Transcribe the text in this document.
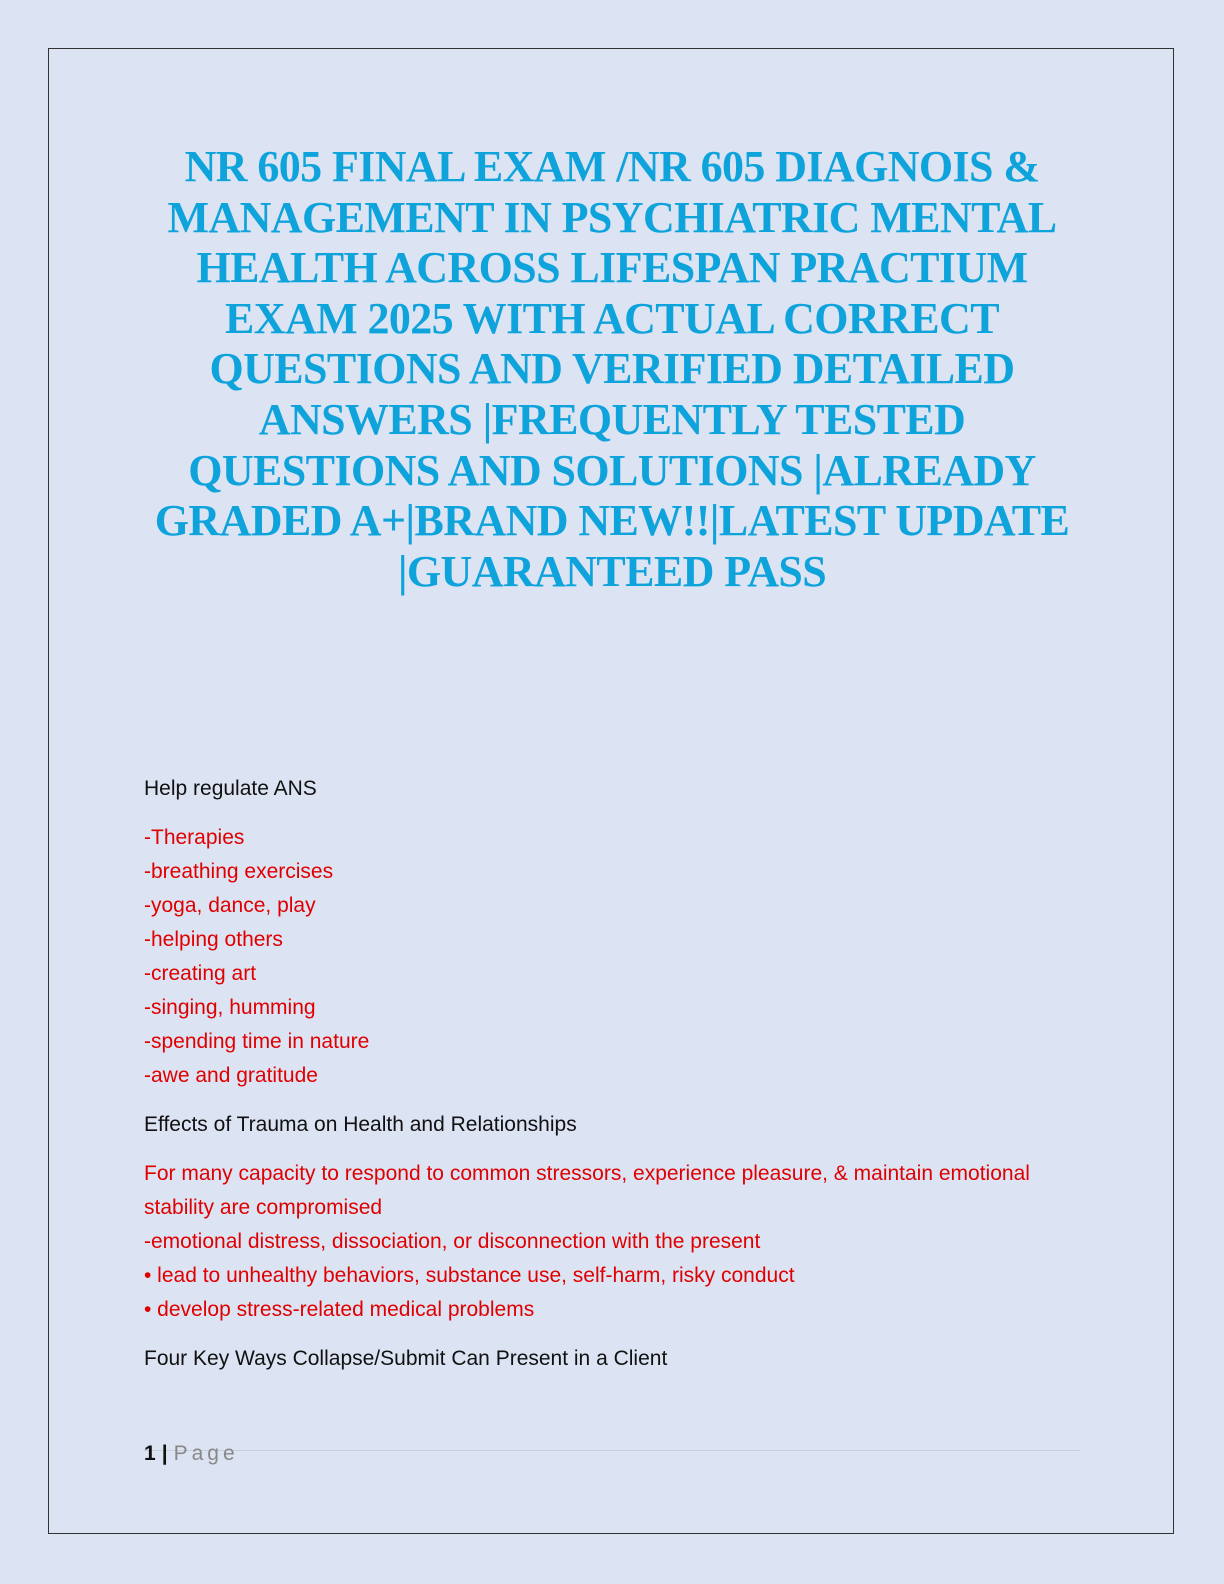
NR 605 FINAL EXAM /NR 605 DIAGNOIS &
MANAGEMENT IN PSYCHIATRIC MENTAL
HEALTH ACROSS LIFESPAN PRACTIUM
EXAM 2025 WITH ACTUAL CORRECT
QUESTIONS AND VERIFIED DETAILED
ANSWERS |FREQUENTLY TESTED
QUESTIONS AND SOLUTIONS |ALREADY
GRADED A+|BRAND NEW!!|LATEST UPDATE
|GUARANTEED PASS

Help regulate ANS

-Therapies
-breathing exercises
-yoga, dance, play
-helping others
-creating art
-singing, humming
-spending time in nature
-awe and gratitude

Effects of Trauma on Health and Relationships

For many capacity to respond to common stressors, experience pleasure, & maintain emotional stability are compromised
-emotional distress, dissociation, or disconnection with the present
• lead to unhealthy behaviors, substance use, self-harm, risky conduct
• develop stress-related medical problems

Four Key Ways Collapse/Submit Can Present in a Client

1 | Page
